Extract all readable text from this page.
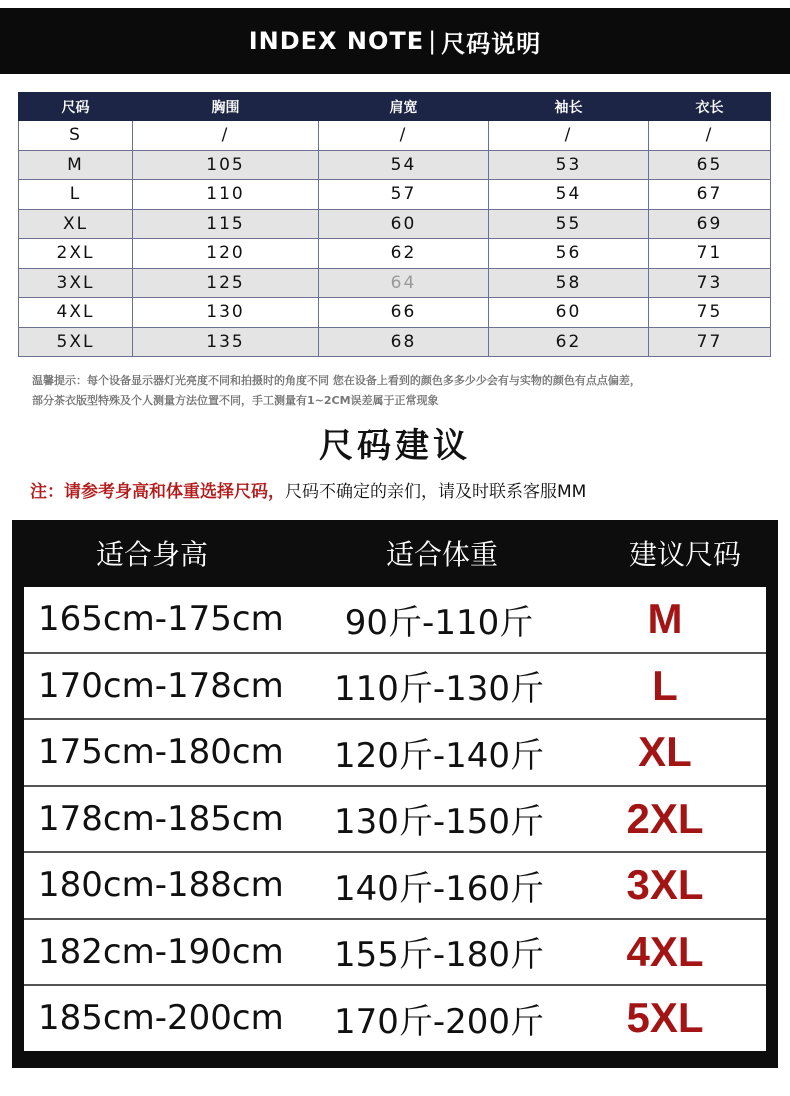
INDEX NOTE | 尺码说明
尺码	胸围	肩宽	袖长	衣长
S	/	/	/	/
M	105	54	53	65
L	110	57	54	67
XL	115	60	55	69
2XL	120	62	56	71
3XL	125	64	58	73
4XL	130	66	60	75
5XL	135	68	62	77
温馨提示：每个设备显示器灯光亮度不同和拍摄时的角度不同 您在设备上看到的颜色多多少少会有与实物的颜色有点点偏差，
部分茶衣版型特殊及个人测量方法位置不同，手工测量有1~2CM误差属于正常现象
尺码建议
注：请参考身高和体重选择尺码，尺码不确定的亲们，请及时联系客服MM
适合身高	适合体重	建议尺码
165cm-175cm	90斤-110斤	M
170cm-178cm	110斤-130斤	L
175cm-180cm	120斤-140斤	XL
178cm-185cm	130斤-150斤	2XL
180cm-188cm	140斤-160斤	3XL
182cm-190cm	155斤-180斤	4XL
185cm-200cm	170斤-200斤	5XL
